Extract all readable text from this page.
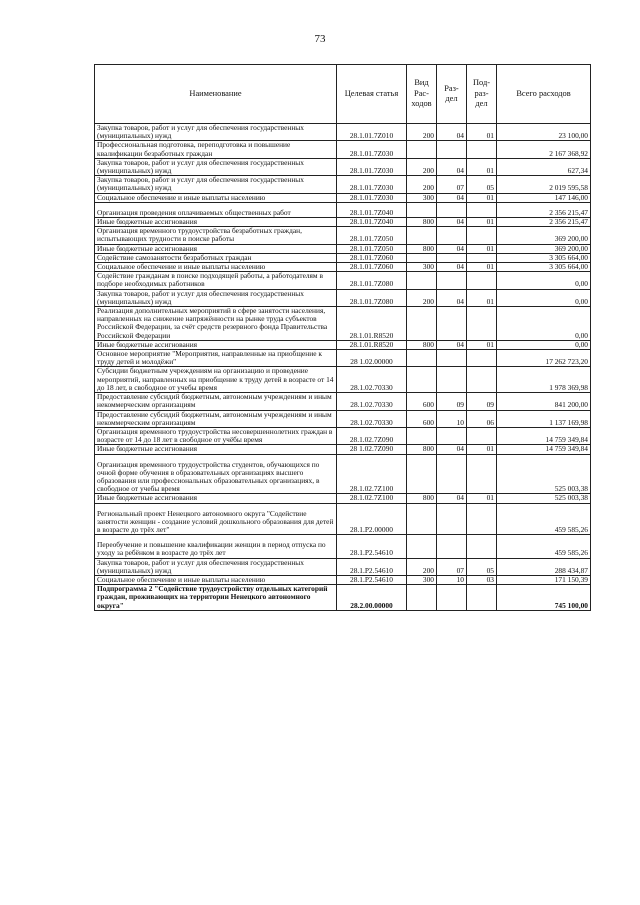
73
Наименование	Целевая статья	Вид Рас- ходов	Раз- дел	Под- раз- дел	Всего расходов
Закупка товаров, работ и услуг для обеспечения государственных (муниципальных) нужд	28.1.01.7Z010	200	04	01	23 100,00
Профессиональная подготовка, переподготовка и повышение квалификации безработных граждан	28.1.01.7Z030				2 167 368,92
Закупка товаров, работ и услуг для обеспечения государственных (муниципальных) нужд	28.1.01.7Z030	200	04	01	627,34
Закупка товаров, работ и услуг для обеспечения государственных (муниципальных) нужд	28.1.01.7Z030	200	07	05	2 019 595,58
Социальное обеспечение и иные выплаты населению	28.1.01.7Z030	300	04	01	147 146,00
Организация проведения оплачиваемых общественных работ	28.1.01.7Z040				2 356 215,47
Иные бюджетные ассигнования	28.1.01.7Z040	800	04	01	2 356 215,47
Организация временного трудоустройства безработных граждан, испытывающих трудности в поиске работы	28.1.01.7Z050				369 200,00
Иные бюджетные ассигнования	28.1.01.7Z050	800	04	01	369 200,00
Содействие самозанятости безработных граждан	28.1.01.7Z060				3 305 664,00
Социальное обеспечение и иные выплаты населению	28.1.01.7Z060	300	04	01	3 305 664,00
Содействие гражданам в поиске подходящей работы, а работодателям в подборе необходимых работников	28.1.01.7Z080				0,00
Закупка товаров, работ и услуг для обеспечения государственных (муниципальных) нужд	28.1.01.7Z080	200	04	01	0,00
Реализация дополнительных мероприятий в сфере занятости населения, направленных на снижение напряжённости на рынке труда субъектов Российской Федерации, за счёт средств резервного фонда Правительства Российской Федерации	28.1.01.R8520				0,00
Иные бюджетные ассигнования	28.1.01.R8520	800	04	01	0,00
Основное мероприятие "Мероприятия, направленные на приобщение к труду детей и молодёжи"	28 1.02.00000				17 262 723,20
Субсидии бюджетным учреждениям на организацию и проведение мероприятий, направленных на приобщение к труду детей в возрасте от 14 до 18 лет, в свободное от учебы время	28.1.02.70330				1 978 369,98
Предоставление субсидий бюджетным, автономным учреждениям и иным некоммерческим организациям	28.1.02.70330	600	09	09	841 200,00
Предоставление субсидий бюджетным, автономным учреждениям и иным некоммерческим организациям	28.1.02.70330	600	10	06	1 137 169,98
Организация временного трудоустройства несовершеннолетних граждан в возрасте от 14 до 18 лет в свободное от учёбы время	28.1.02.7Z090				14 759 349,84
Иные бюджетные ассигнования	28 1.02.7Z090	800	04	01	14 759 349,84
Организация временного трудоустройства студентов, обучающихся по очной форме обучения в образовательных организациях высшего образования или профессиональных образовательных организациях, в свободное от учебы время	28.1.02.7Z100				525 003,38
Иные бюджетные ассигнования	28.1.02.7Z100	800	04	01	525 003,38
Региональный проект Ненецкого автономного округа "Содействие занятости женщин - создание условий дошкольного образования для детей в возрасте до трёх лет"	28.1.P2.00000				459 585,26
Переобучение и повышение квалификации женщин в период отпуска по уходу за ребёнком в возрасте до трёх лет	28.1.P2.54610				459 585,26
Закупка товаров, работ и услуг для обеспечения государственных (муниципальных) нужд	28.1.P2.54610	200	07	05	288 434,87
Социальное обеспечение и иные выплаты населению	28.1.P2.54610	300	10	03	171 150,39
Подпрограмма 2 "Содействие трудоустройству отдельных категорий граждан, проживающих на территории Ненецкого автономного округа"	28.2.00.00000				745 100,00
